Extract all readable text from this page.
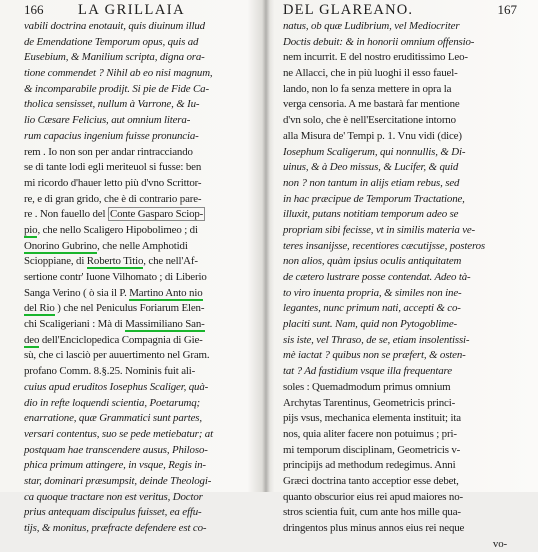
166 LA GRILLAIA
vabili doctrina enotauit, quis diuinum illud
de Emendatione Temporum opus, quis ad
Eusebium, & Manilium scripta, digna ora-
tione commendet ? Nihil ab eo nisi magnum,
& incomparabile prodijt. Si pie de Fide Ca-
tholica sensisset, nullum à Varrone, & Iu-
lio Cæsare Felicius, aut omnium litera-
rum capacius ingenium fuisse pronuncia-
rem . Io non son per andar rintracciando
se di tante lodi egli meriteuol si fusse: ben
mi ricordo d'hauer letto più d'vno Scrittor-
re, e di gran grido, che è di contrario pare-
re . Non fauello del Conte Gasparo Sciop-
pio, che nello Scaligero Hipobolimeo ; di
Onorino Gubrino, che nelle Amphotidi
Scioppiane, di Roberto Titio, che nell'Af-
sertione contr' Iuone Vilhomato ; di Liberio
Sanga Verino ( ò sia il P. Martino Anto nio
del Rio ) che nel Peniculus Foriarum Elen-
chi Scaligeriani : Mà di Massimiliano San-
deo dell'Enciclopedica Compagnia di Gie-
sù, che ci lasciò per auuertimento nel Gram.
profano Comm. 8.§.25. Nominis fuit ali-
cuius apud eruditos Iosephus Scaliger, quà-
dio in refte loquendi scientia, Poetarumq;
enarratione, quæ Grammatici sunt partes,
versari contentus, suo se pede metiebatur; at
postquam hae transcendere ausus, Philoso-
phica primum attingere, in vsque, Regis in-
star, dominari præsumpsit, deinde Theologi-
ca quoque tractare non est veritus, Doctor
prius antequam discipulus fuisset, ea effu-
tijs, & monitus, præfracte defendere est co-
DEL GLAREANO.	167
natus, ob quæ Ludibrium, vel Mediocriter
Doctis debuit: & in honorii omnium offensio-
nem incurrit. E del nostro eruditissimo Leo-
ne Allacci, che in più luoghi il esso fauel-
lando, non lo fa senza mettere in opra la
verga censoria. A me bastarà far mentione
d'vn solo, che è nell'Esercitatione intorno
alla Misura de' Tempi p. 1. Vnu vidi (dice)
Iosephum Scaligerum, qui nonnullis, & Di-
uinus, & à Deo missus, & Lucifer, & quid
non ? non tantum in alijs etiam rebus, sed
in hac præcipue de Temporum Tractatione,
illuxit, putans notitiam temporum adeo se
propriam sibi fecisse, vt in similis materia ve-
teres insanijsse, recentiores cæcutijsse, posteros
non alios, quàm ipsius oculis antiquitatem
de cætero lustrare posse contendat. Adeo tà-
to viro inuenta propria, & similes non ine-
legantes, nunc primum nati, accepti & co-
placiti sunt. Nam, quid non Pytogoblime-
sis iste, vel Thraso, de se, etiam insolentissi-
mè iactat ? quibus non se præfert, & osten-
tat ? Ad fastidium vsque illa frequentare
soles : Quemadmodum primus omnium
Archytas Tarentinus, Geometricis princi-
pijs vsus, mechanica elementa instituit; ita
nos, quia aliter facere non potuimus ; pri-
mi temporum disciplinam, Geometricis v-
principijs ad methodum redegimus. Anni
Græci doctrina tanto acceptior esse debet,
quanto obscurior eius rei apud maiores no-
stros scientia fuit, cum ante hos mille qua-
dringentos plus minus annos eius rei neque
vo-
